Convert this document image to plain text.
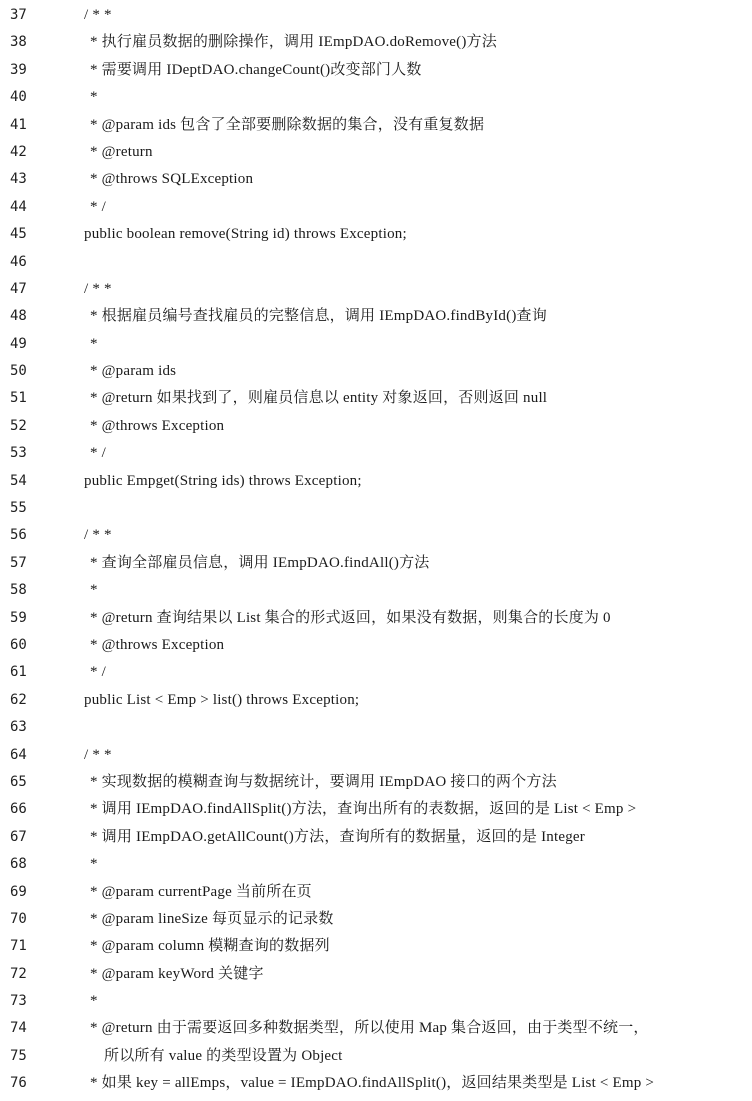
37	/ * *
38	* 执行雇员数据的删除操作，调用 IEmpDAO.doRemove()方法
39	* 需要调用 IDeptDAO.changeCount()改变部门人数
40	*
41	* @param ids 包含了全部要删除数据的集合，没有重复数据
42	* @return
43	* @throws SQLException
44	* /
45	public boolean remove(String id) throws Exception;
46
47	/ * *
48	* 根据雇员编号查找雇员的完整信息，调用 IEmpDAO.findById()查询
49	*
50	* @param ids
51	* @return 如果找到了，则雇员信息以 entity 对象返回，否则返回 null
52	* @throws Exception
53	* /
54	public Empget(String ids) throws Exception;
55
56	/ * *
57	* 查询全部雇员信息，调用 IEmpDAO.findAll()方法
58	*
59	* @return 查询结果以 List 集合的形式返回，如果没有数据，则集合的长度为 0
60	* @throws Exception
61	* /
62	public List < Emp > list() throws Exception;
63
64	/ * *
65	* 实现数据的模糊查询与数据统计，要调用 IEmpDAO 接口的两个方法
66	* 调用 IEmpDAO.findAllSplit()方法，查询出所有的表数据，返回的是 List < Emp >
67	* 调用 IEmpDAO.getAllCount()方法，查询所有的数据量，返回的是 Integer
68	*
69	* @param currentPage 当前所在页
70	* @param lineSize 每页显示的记录数
71	* @param column 模糊查询的数据列
72	* @param keyWord 关键字
73	*
74	* @return 由于需要返回多种数据类型，所以使用 Map 集合返回，由于类型不统一，
75	所以所有 value 的类型设置为 Object
76	* 如果 key = allEmps，value = IEmpDAO.findAllSplit()，返回结果类型是 List < Emp >
